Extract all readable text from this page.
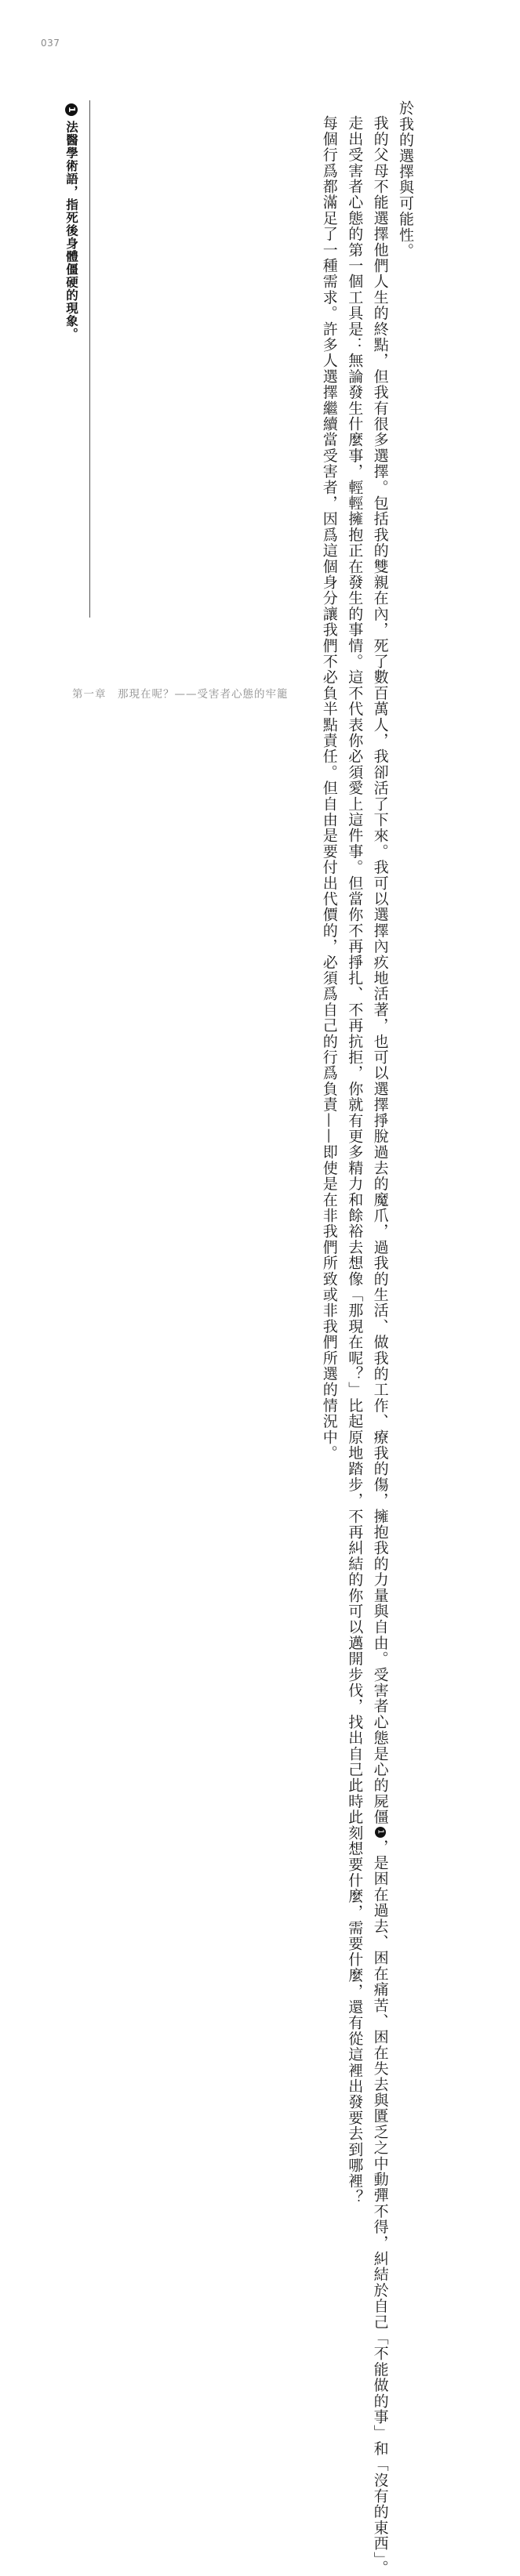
037
於我的選擇與可能性。
我的父母不能選擇他們人生的終點，但我有很多選擇。包括我的雙親在內，死了數百萬人，我卻活了下來。我可以選擇內疚地活著，也可以選擇掙脫過去的魔爪，過我的生活、做我的工作、療我的傷，擁抱我的力量與自由。受害者心態是心的屍僵1，是困在過去、困在痛苦、困在失去與匱乏之中動彈不得，糾結於自己「不能做的事」和「沒有的東西」。
走出受害者心態的第一個工具是：無論發生什麼事，輕輕擁抱正在發生的事情。這不代表你必須愛上這件事。但當你不再掙扎、不再抗拒，你就有更多精力和餘裕去想像「那現在呢？」比起原地踏步，不再糾結的你可以邁開步伐，找出自己此時此刻想要什麼，需要什麼，還有從這裡出發要去到哪裡？
每個行爲都滿足了一種需求。許多人選擇繼續當受害者，因爲這個身分讓我們不必負半點責任。但自由是要付出代價的，必須爲自己的行爲負責——即使是在非我們所致或非我們所選的情況中。
1法醫學術語，指死後身體僵硬的現象。
第一章　那現在呢？——受害者心態的牢籠
